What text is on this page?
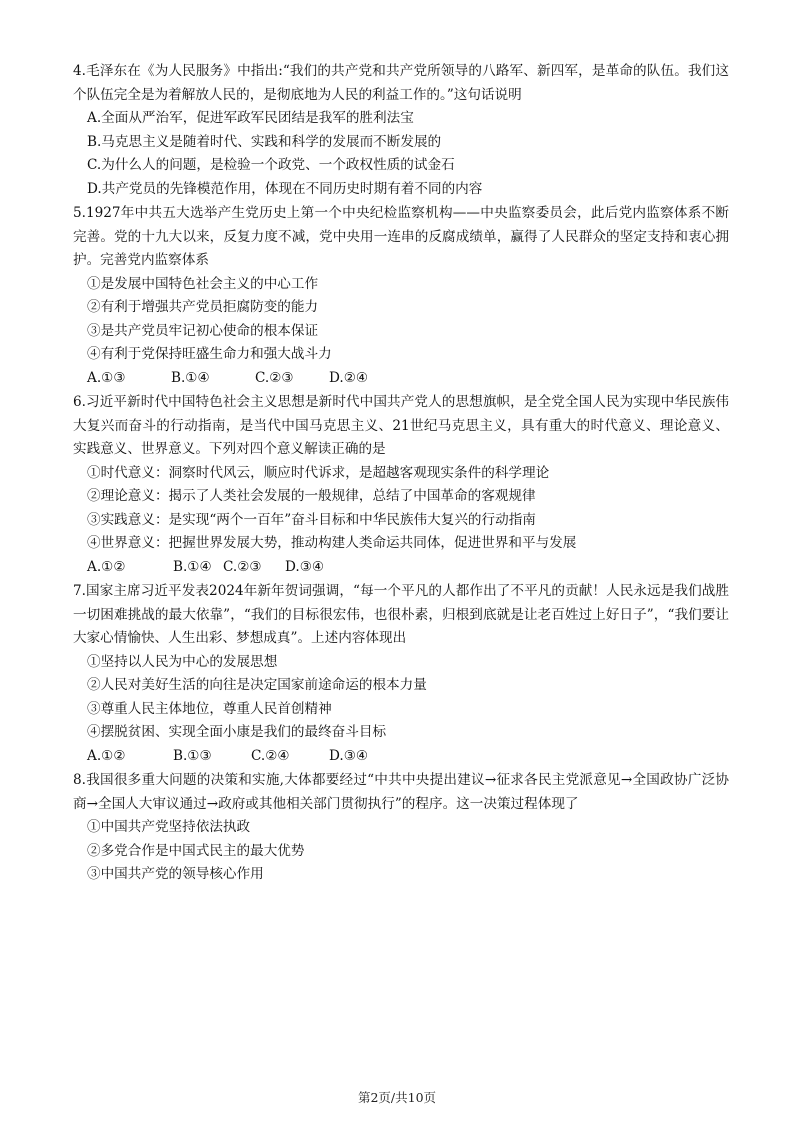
4.毛泽东在《为人民服务》中指出:“我们的共产党和共产党所领导的八路军、新四军，是革命的队伍。我们这个队伍完全是为着解放人民的，是彻底地为人民的利益工作的。”这句话说明

A.全面从严治军，促进军政军民团结是我军的胜利法宝

B.马克思主义是随着时代、实践和科学的发展而不断发展的

C.为什么人的问题，是检验一个政党、一个政权性质的试金石

D.共产党员的先锋模范作用，体现在不同历史时期有着不同的内容

5.1927年中共五大选举产生党历史上第一个中央纪检监察机构——中央监察委员会，此后党内监察体系不断完善。党的十九大以来，反复力度不减，党中央用一连串的反腐成绩单，赢得了人民群众的坚定支持和衷心拥护。完善党内监察体系

①是发展中国特色社会主义的中心工作

②有利于增强共产党员拒腐防变的能力

③是共产党员牢记初心使命的根本保证

④有利于党保持旺盛生命力和强大战斗力

A.①③	B.①④	C.②③	D.②④

6.习近平新时代中国特色社会主义思想是新时代中国共产党人的思想旗帜，是全党全国人民为实现中华民族伟大复兴而奋斗的行动指南，是当代中国马克思主义、21世纪马克思主义，具有重大的时代意义、理论意义、实践意义、世界意义。下列对四个意义解读正确的是

①时代意义：洞察时代风云，顺应时代诉求，是超越客观现实条件的科学理论

②理论意义：揭示了人类社会发展的一般规律，总结了中国革命的客观规律

③实践意义：是实现“两个一百年”奋斗目标和中华民族伟大复兴的行动指南

④世界意义：把握世界发展大势，推动构建人类命运共同体，促进世界和平与发展

A.①②	B.①④ C.②③ D.③④

7.国家主席习近平发表2024年新年贺词强调，“每一个平凡的人都作出了不平凡的贡献！人民永远是我们战胜一切困难挑战的最大依靠”，“我们的目标很宏伟，也很朴素，归根到底就是让老百姓过上好日子”，“我们要让大家心情愉快、人生出彩、梦想成真”。上述内容体现出

①坚持以人民为中心的发展思想

②人民对美好生活的向往是决定国家前途命运的根本力量

③尊重人民主体地位，尊重人民首创精神

④摆脱贫困、实现全面小康是我们的最终奋斗目标

A.①②	B.①③	C.②④	D.③④

8.我国很多重大问题的决策和实施,大体都要经过“中共中央提出建议→征求各民主党派意见→全国政协广泛协商→全国人大审议通过→政府或其他相关部门贯彻执行”的程序。这一决策过程体现了

①中国共产党坚持依法执政

②多党合作是中国式民主的最大优势

③中国共产党的领导核心作用

第2页/共10页
